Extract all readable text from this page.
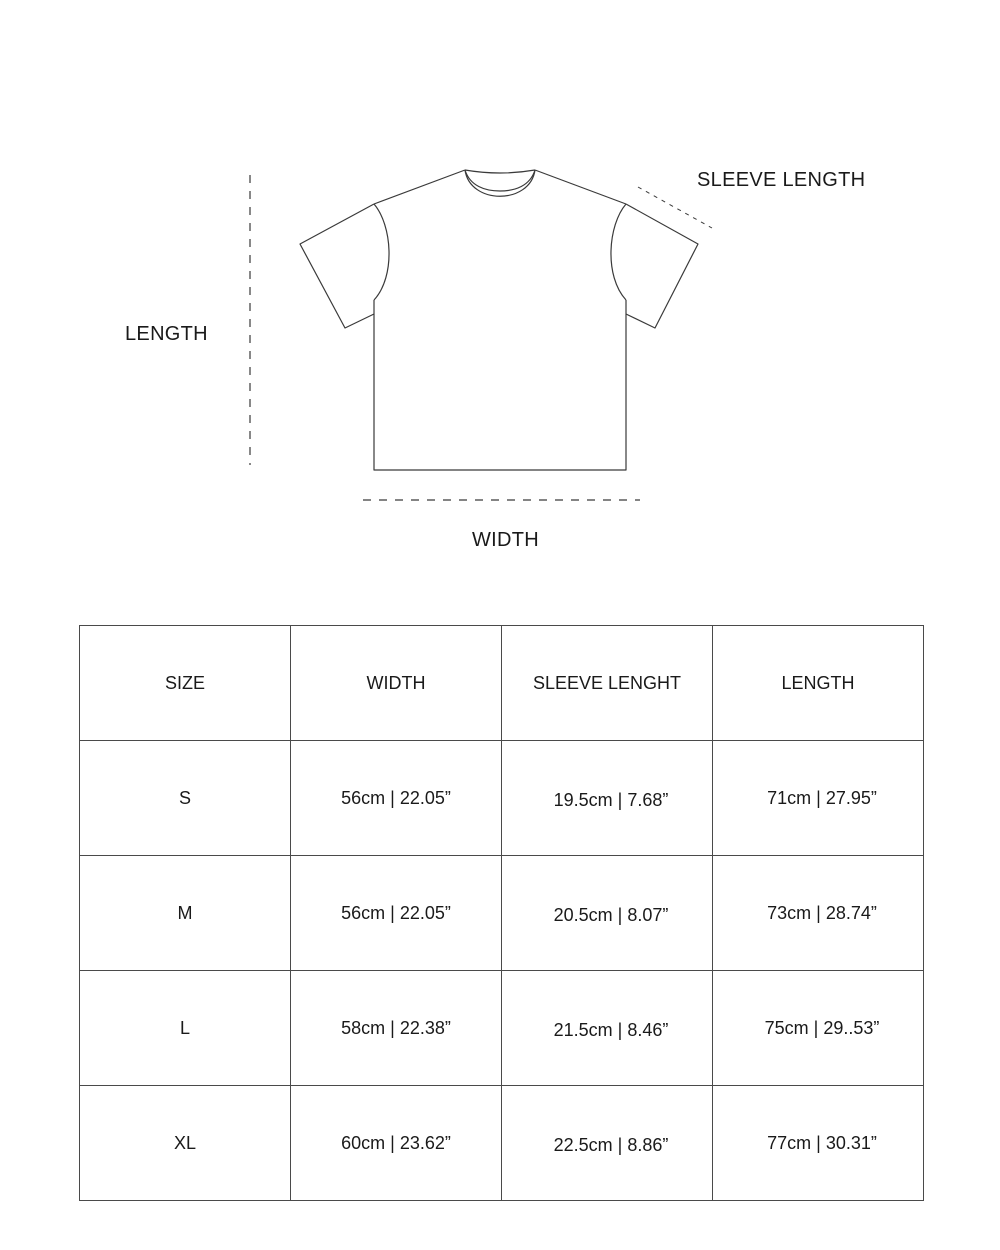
SLEEVE LENGTH
LENGTH
WIDTH
SIZE	WIDTH	SLEEVE LENGHT	LENGTH
S	56cm | 22.05”	19.5cm | 7.68”	71cm | 27.95”
M	56cm | 22.05”	20.5cm | 8.07”	73cm | 28.74”
L	58cm | 22.38”	21.5cm | 8.46”	75cm | 29..53”
XL	60cm | 23.62”	22.5cm | 8.86”	77cm | 30.31”
